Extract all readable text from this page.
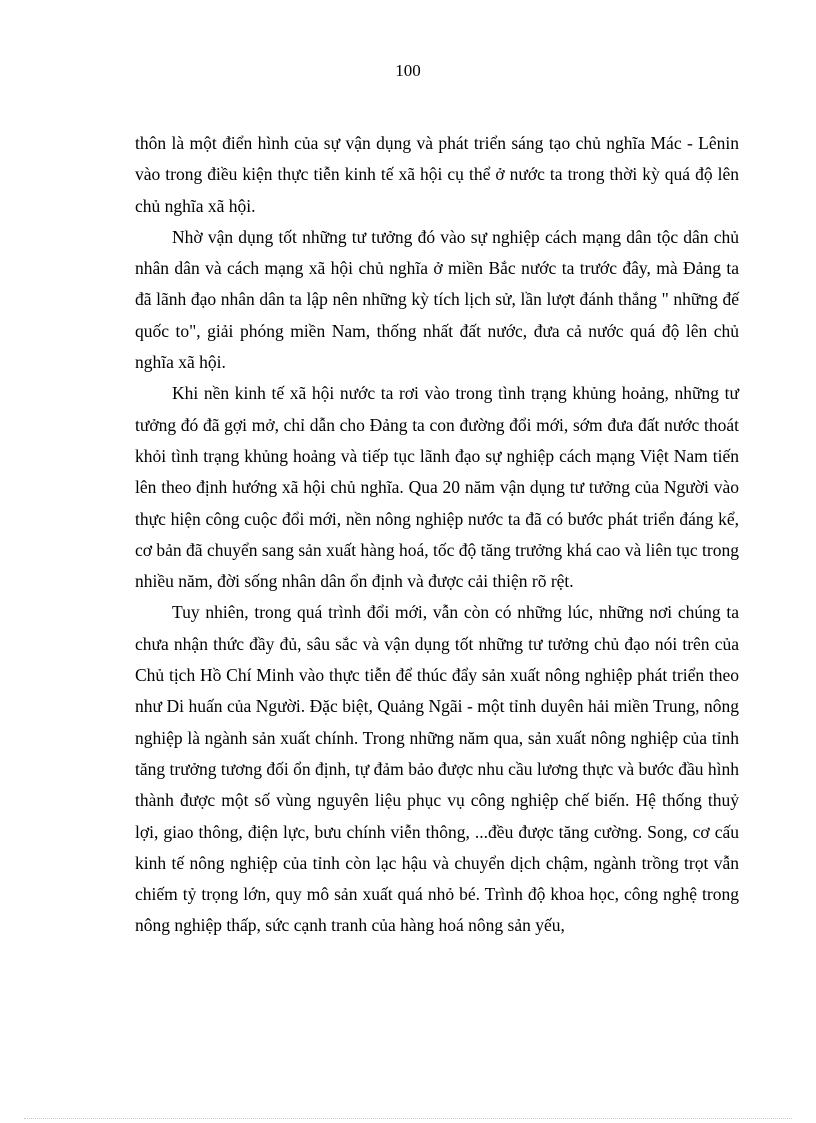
100

thôn là một điển hình của sự vận dụng và phát triển sáng tạo chủ nghĩa Mác - Lênin vào trong điều kiện thực tiễn kinh tế xã hội cụ thể ở nước ta trong thời kỳ quá độ lên chủ nghĩa xã hội.

Nhờ vận dụng tốt những tư tưởng đó vào sự nghiệp cách mạng dân tộc dân chủ nhân dân và cách mạng xã hội chủ nghĩa ở miền Bắc nước ta trước đây, mà Đảng ta đã lãnh đạo nhân dân ta lập nên những kỳ tích lịch sử, lần lượt đánh thắng " những đế quốc to", giải phóng miền Nam, thống nhất đất nước, đưa cả nước quá độ lên chủ nghĩa xã hội.

Khi nền kinh tế xã hội nước ta rơi vào trong tình trạng khủng hoảng, những tư tưởng đó đã gợi mở, chỉ dẫn cho Đảng ta con đường đổi mới, sớm đưa đất nước thoát khỏi tình trạng khủng hoảng và tiếp tục lãnh đạo sự nghiệp cách mạng Việt Nam tiến lên theo định hướng xã hội chủ nghĩa. Qua 20 năm vận dụng tư tưởng của Người vào thực hiện công cuộc đổi mới, nền nông nghiệp nước ta đã có bước phát triển đáng kể, cơ bản đã chuyển sang sản xuất hàng hoá, tốc độ tăng trưởng khá cao và liên tục trong nhiều năm, đời sống nhân dân ổn định và được cải thiện rõ rệt.

Tuy nhiên, trong quá trình đổi mới, vẫn còn có những lúc, những nơi chúng ta chưa nhận thức đầy đủ, sâu sắc và vận dụng tốt những tư tưởng chủ đạo nói trên của Chủ tịch Hồ Chí Minh vào thực tiễn để thúc đẩy sản xuất nông nghiệp phát triển theo như Di huấn của Người. Đặc biệt, Quảng Ngãi - một tỉnh duyên hải miền Trung, nông nghiệp là ngành sản xuất chính. Trong những năm qua, sản xuất nông nghiệp của tỉnh tăng trưởng tương đối ổn định, tự đảm bảo được nhu cầu lương thực và bước đầu hình thành được một số vùng nguyên liệu phục vụ công nghiệp chế biến. Hệ thống thuỷ lợi, giao thông, điện lực, bưu chính viễn thông, ...đều được tăng cường. Song, cơ cấu kinh tế nông nghiệp của tỉnh còn lạc hậu và chuyển dịch chậm, ngành trồng trọt vẫn chiếm tỷ trọng lớn, quy mô sản xuất quá nhỏ bé. Trình độ khoa học, công nghệ trong nông nghiệp thấp, sức cạnh tranh của hàng hoá nông sản yếu,
